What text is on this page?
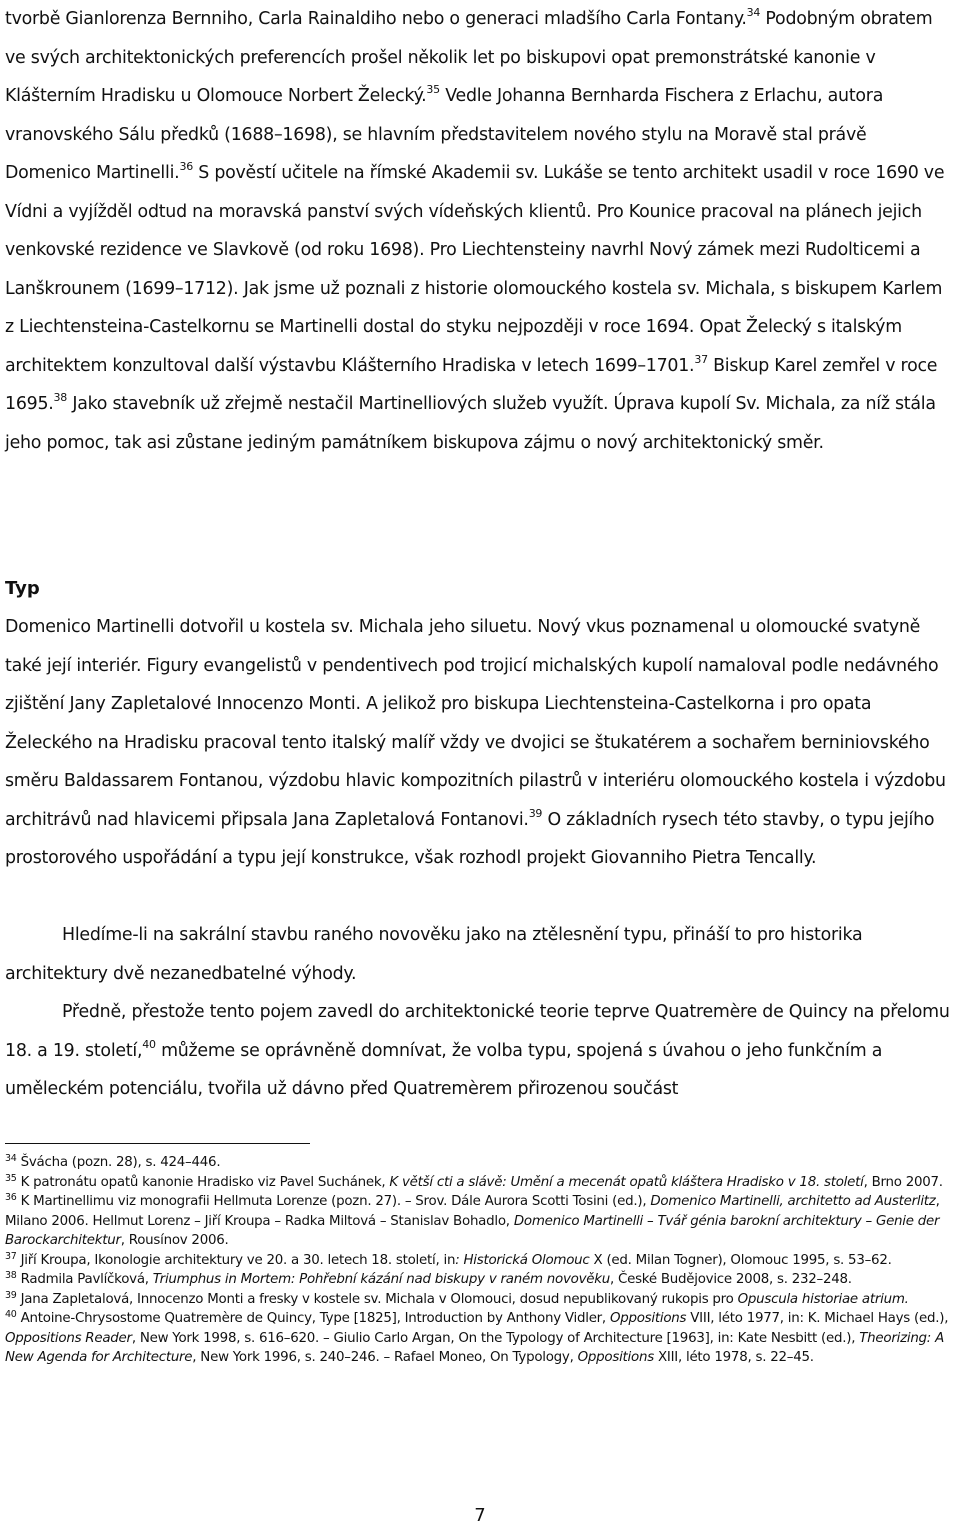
tvorbě Gianlorenza Bernniho, Carla Rainaldiho nebo o generaci mladšího Carla Fontany.$^{34}$ Podobným obratem ve svých architektonických preferencích prošel několik let po biskupovi opat premonstrátské kanonie v Klášterním Hradisku u Olomouce Norbert Želecký.$^{35}$ Vedle Johanna Bernharda Fischera z Erlachu, autora vranovského Sálu předků (1688–1698), se hlavním představitelem nového stylu na Moravě stal právě Domenico Martinelli.$^{36}$ S pověstí učitele na římské Akademii sv. Lukáše se tento architekt usadil v roce 1690 ve Vídni a vyjížděl odtud na moravská panství svých vídeňských klientů. Pro Kounice pracoval na plánech jejich venkovské rezidence ve Slavkově (od roku 1698). Pro Liechtensteiny navrhl Nový zámek mezi Rudolticemi a Lanškrounem (1699–1712). Jak jsme už poznali z historie olomouckého kostela sv. Michala, s biskupem Karlem z Liechtensteina-Castelkornu se Martinelli dostal do styku nejpozději v roce 1694. Opat Želecký s italským architektem konzultoval další výstavbu Klášterního Hradiska v letech 1699–1701.37 Biskup Karel zemřel v roce 1695.38 Jako stavebník už zřejmě nestačil Martinelliových služeb využít. Úprava kupolí Sv. Michala, za níž stála jeho pomoc, tak asi zůstane jediným památníkem biskupova zájmu o nový architektonický směr.

Typ

Domenico Martinelli dotvořil u kostela sv. Michala jeho siluetu. Nový vkus poznamenal u olomoucké svatyně také její interiér. Figury evangelistů v pendentivech pod trojicí michalských kupolí namaloval podle nedávného zjištění Jany Zapletalové Innocenzo Monti. A jelikož pro biskupa Liechtensteina-Castelkorna i pro opata Želeckého na Hradisku pracoval tento italský malíř vždy ve dvojici se štukatérem a sochařem berniniovského směru Baldassarem Fontanou, výzdobu hlavic kompozitních pilastrů v interiéru olomouckého kostela i výzdobu architrávů nad hlavicemi připsala Jana Zapletalová Fontanovi.$^{39}$ O základních rysech této stavby, o typu jejího prostorového uspořádání a typu její konstrukce, však rozhodl projekt Giovanniho Pietra Tencally.

Hledíme-li na sakrální stavbu raného novověku jako na ztělesnění typu, přináší to pro historika architektury dvě nezanedbatelné výhody.

Předně, přestože tento pojem zavedl do architektonické teorie teprve Quatremère de Quincy na přelomu 18. a 19. století,$^{40}$ můžeme se oprávněně domnívat, že volba typu, spojená s úvahou o jeho funkčním a uměleckém potenciálu, tvořila už dávno před Quatremèrem přirozenou součást

$^{34}$ Švácha (pozn. 28), s. 424–446.

$^{35}$ K patronátu opatů kanonie Hradisko viz Pavel Suchánek, K větší cti a slávě: Umění a mecenát opatů kláštera Hradisko v 18. století, Brno 2007.

$^{36}$ K Martinellimu viz monografii Hellmuta Lorenze (pozn. 27). – Srov. Dále Aurora Scotti Tosini (ed.), Domenico Martinelli, architetto ad Austerlitz, Milano 2006. Hellmut Lorenz – Jiří Kroupa – Radka Miltová – Stanislav Bohadlo, Domenico Martinelli – Tvář génia barokní architektury – Genie der Barockarchitektur, Rousínov 2006.

$^{37}$ Jiří Kroupa, Ikonologie architektury ve 20. a 30. letech 18. století, in: Historická Olomouc X (ed. Milan Togner), Olomouc 1995, s. 53–62.

$^{38}$ Radmila Pavlíčková, Triumphus in Mortem: Pohřební kázání nad biskupy v raném novověku, České Budějovice 2008, s. 232–248.

$^{39}$ Jana Zapletalová, Innocenzo Monti a fresky v kostele sv. Michala v Olomouci, dosud nepublikovaný rukopis pro Opuscula historiae atrium.

$^{40}$ Antoine-Chrysostome Quatremère de Quincy, Type [1825], Introduction by Anthony Vidler, Oppositions VIII, léto 1977, in: K. Michael Hays (ed.), Oppositions Reader, New York 1998, s. 616–620. – Giulio Carlo Argan, On the Typology of Architecture [1963], in: Kate Nesbitt (ed.), Theorizing: A New Agenda for Architecture, New York 1996, s. 240–246. – Rafael Moneo, On Typology, Oppositions XIII, léto 1978, s. 22–45.

7
